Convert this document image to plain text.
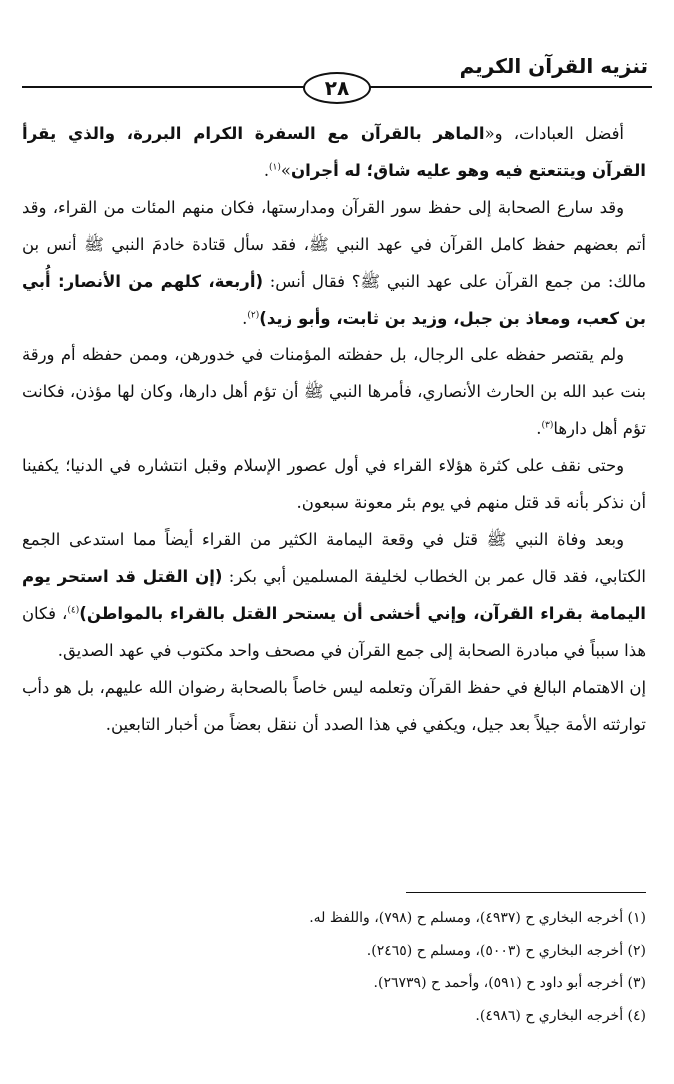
تنزيه القرآن الكريم
٢٨

أفضل العبادات، و«الماهر بالقرآن مع السفرة الكرام البررة، والذي يقرأ القرآن ويتتعتع فيه وهو عليه شاق؛ له أجران»$^{(١)}$.

وقد سارع الصحابة إلى حفظ سور القرآن ومدارستها، فكان منهم المئات من القراء، وقد أتم بعضهم حفظ كامل القرآن في عهد النبي ﷺ، فقد سأل قتادة خادمَ النبي ﷺ أنس بن مالك: من جمع القرآن على عهد النبي ﷺ؟ فقال أنس: (أربعة، كلهم من الأنصار: أُبي بن كعب، ومعاذ بن جبل، وزيد بن ثابت، وأبو زيد)$^{(٢)}$.

ولم يقتصر حفظه على الرجال، بل حفظته المؤمنات في خدورهن، وممن حفظه أم ورقة بنت عبد الله بن الحارث الأنصاري، فأمرها النبي ﷺ أن تؤم أهل دارها، وكان لها مؤذن، فكانت تؤم أهل دارها$^{(٣)}$.

وحتى نقف على كثرة هؤلاء القراء في أول عصور الإسلام وقبل انتشاره في الدنيا؛ يكفينا أن نذكر بأنه قد قتل منهم في يوم بئر معونة سبعون.

وبعد وفاة النبي ﷺ قتل في وقعة اليمامة الكثير من القراء أيضاً مما استدعى الجمع الكتابي، فقد قال عمر بن الخطاب لخليفة المسلمين أبي بكر: (إن القتل قد استحر يوم اليمامة بقراء القرآن، وإني أخشى أن يستحر القتل بالقراء بالمواطن)$^{(٤)}$، فكان هذا سبباً في مبادرة الصحابة إلى جمع القرآن في مصحف واحد مكتوب في عهد الصديق.

إن الاهتمام البالغ في حفظ القرآن وتعلمه ليس خاصاً بالصحابة رضوان الله عليهم، بل هو دأب توارثته الأمة جيلاً بعد جيل، ويكفي في هذا الصدد أن ننقل بعضاً من أخبار التابعين.

(١) أخرجه البخاري ح (٤٩٣٧)، ومسلم ح (٧٩٨)، واللفظ له.
(٢) أخرجه البخاري ح (٥٠٠٣)، ومسلم ح (٢٤٦٥).
(٣) أخرجه أبو داود ح (٥٩١)، وأحمد ح (٢٦٧٣٩).
(٤) أخرجه البخاري ح (٤٩٨٦).
